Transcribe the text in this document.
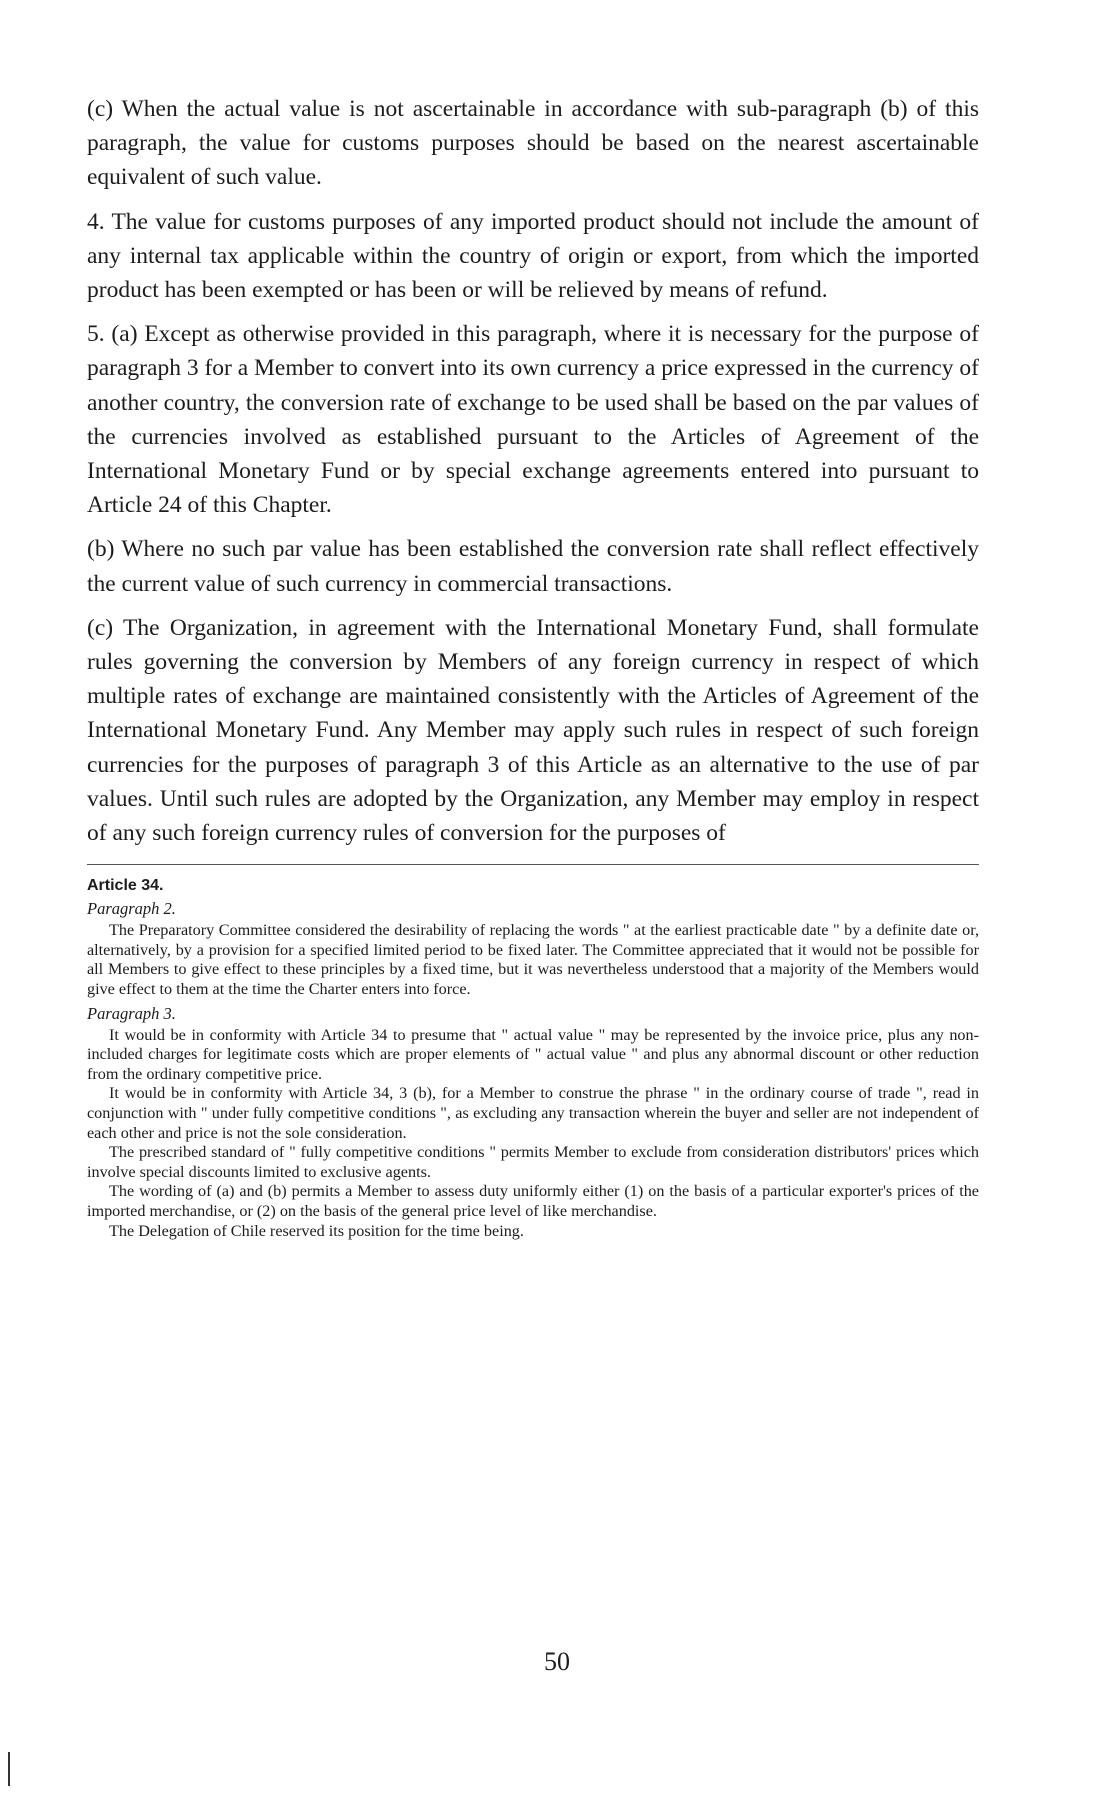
(c) When the actual value is not ascertainable in accordance with sub-paragraph (b) of this paragraph, the value for customs purposes should be based on the nearest ascertainable equivalent of such value.

4. The value for customs purposes of any imported product should not include the amount of any internal tax applicable within the country of origin or export, from which the imported product has been exempted or has been or will be relieved by means of refund.

5. (a) Except as otherwise provided in this paragraph, where it is necessary for the purpose of paragraph 3 for a Member to convert into its own currency a price expressed in the currency of another country, the conversion rate of exchange to be used shall be based on the par values of the currencies involved as established pursuant to the Articles of Agreement of the International Monetary Fund or by special exchange agreements entered into pursuant to Article 24 of this Chapter.

(b) Where no such par value has been established the conversion rate shall reflect effectively the current value of such currency in commercial transactions.

(c) The Organization, in agreement with the International Monetary Fund, shall formulate rules governing the conversion by Members of any foreign currency in respect of which multiple rates of exchange are maintained consistently with the Articles of Agreement of the International Monetary Fund. Any Member may apply such rules in respect of such foreign currencies for the purposes of paragraph 3 of this Article as an alternative to the use of par values. Until such rules are adopted by the Organization, any Member may employ in respect of any such foreign currency rules of conversion for the purposes of

Article 34.
Paragraph 2.

The Preparatory Committee considered the desirability of replacing the words " at the earliest practicable date " by a definite date or, alternatively, by a provision for a specified limited period to be fixed later. The Committee appreciated that it would not be possible for all Members to give effect to these principles by a fixed time, but it was nevertheless understood that a majority of the Members would give effect to them at the time the Charter enters into force.

Paragraph 3.

It would be in conformity with Article 34 to presume that " actual value " may be represented by the invoice price, plus any non-included charges for legitimate costs which are proper elements of " actual value " and plus any abnormal discount or other reduction from the ordinary competitive price.

It would be in conformity with Article 34, 3 (b), for a Member to construe the phrase " in the ordinary course of trade ", read in conjunction with " under fully competitive conditions ", as excluding any transaction wherein the buyer and seller are not independent of each other and price is not the sole consideration.

The prescribed standard of " fully competitive conditions " permits Member to exclude from consideration distributors' prices which involve special discounts limited to exclusive agents.

The wording of (a) and (b) permits a Member to assess duty uniformly either (1) on the basis of a particular exporter's prices of the imported merchandise, or (2) on the basis of the general price level of like merchandise.

The Delegation of Chile reserved its position for the time being.

50
